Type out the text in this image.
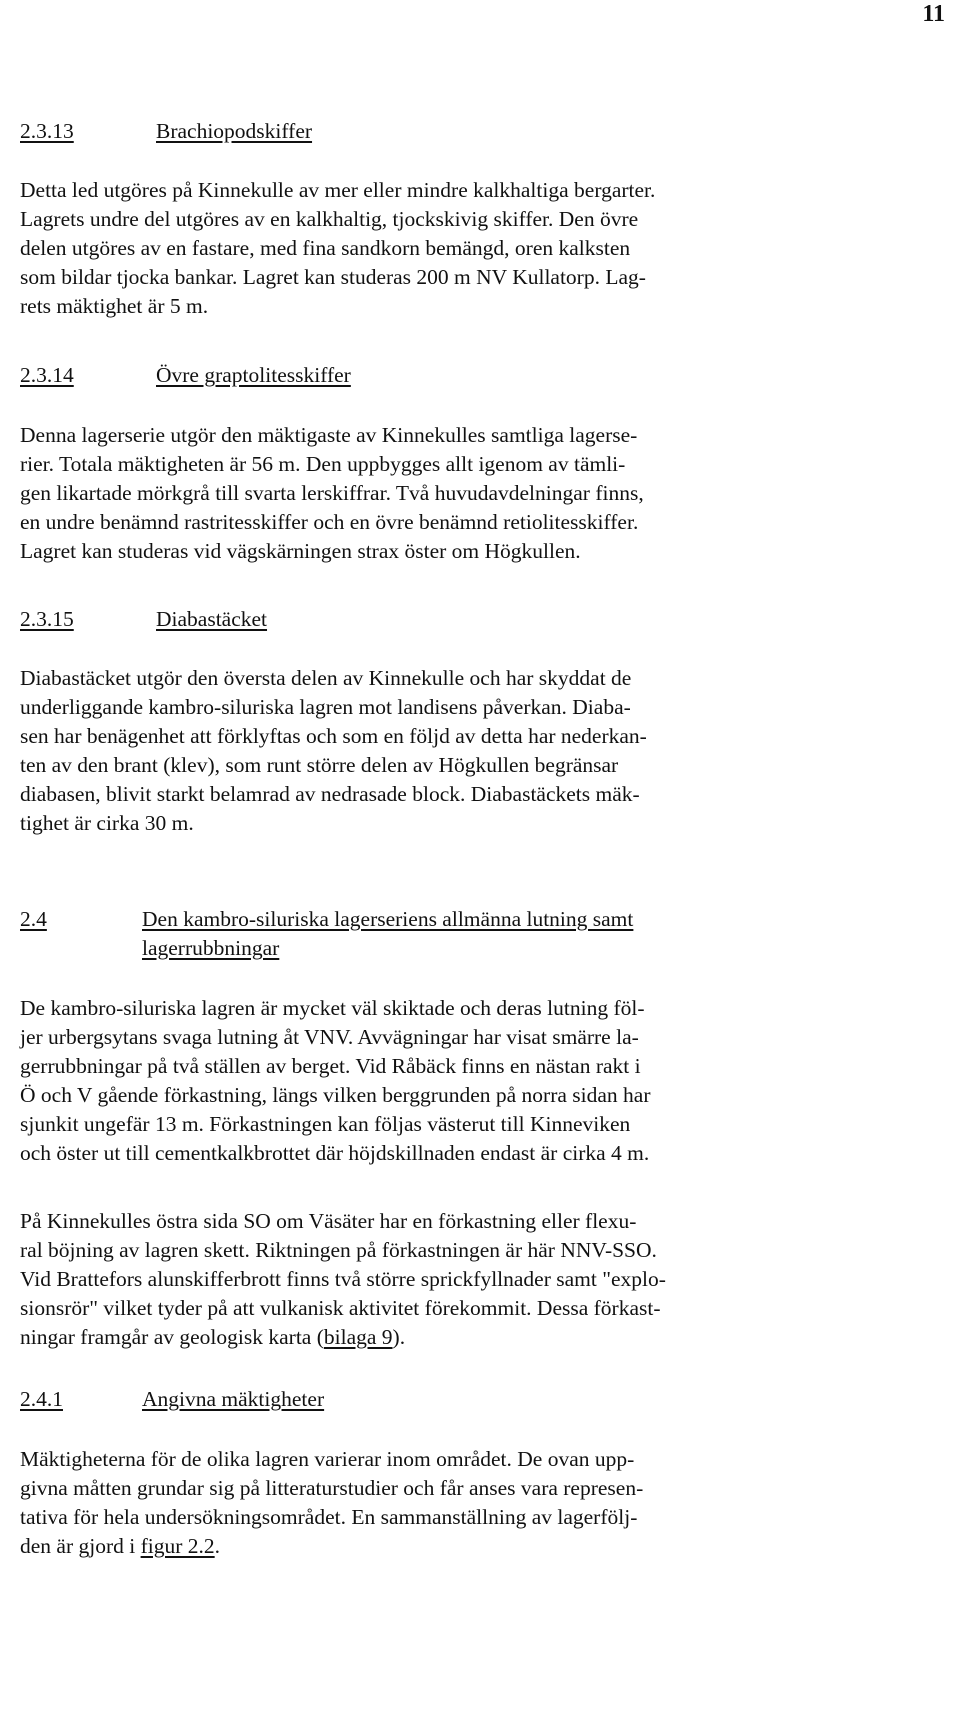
11
2.3.13	Brachiopodskiffer
Detta led utgöres på Kinnekulle av mer eller mindre kalkhaltiga bergarter.
Lagrets undre del utgöres av en kalkhaltig, tjockskivig skiffer. Den övre
delen utgöres av en fastare, med fina sandkorn bemängd, oren kalksten
som bildar tjocka bankar. Lagret kan studeras 200 m NV Kullatorp. Lag-
rets mäktighet är 5 m.
2.3.14	Övre graptolitesskiffer
Denna lagerserie utgör den mäktigaste av Kinnekulles samtliga lagerse-
rier. Totala mäktigheten är 56 m. Den uppbygges allt igenom av tämli-
gen likartade mörkgrå till svarta lerskiffrar. Två huvudavdelningar finns,
en undre benämnd rastritesskiffer och en övre benämnd retiolitesskiffer.
Lagret kan studeras vid vägskärningen strax öster om Högkullen.
2.3.15	Diabastäcket
Diabastäcket utgör den översta delen av Kinnekulle och har skyddat de
underliggande kambro-siluriska lagren mot landisens påverkan. Diaba-
sen har benägenhet att förklyftas och som en följd av detta har nederkan-
ten av den brant (klev), som runt större delen av Högkullen begränsar
diabasen, blivit starkt belamrad av nedrasade block. Diabastäckets mäk-
tighet är cirka 30 m.
2.4	Den kambro-siluriska lagerseriens allmänna lutning samt
lagerrubbningar
De kambro-siluriska lagren är mycket väl skiktade och deras lutning föl-
jer urbergsytans svaga lutning åt VNV. Avvägningar har visat smärre la-
gerrubbningar på två ställen av berget. Vid Råbäck finns en nästan rakt i
Ö och V gående förkastning, längs vilken berggrunden på norra sidan har
sjunkit ungefär 13 m. Förkastningen kan följas västerut till Kinneviken
och öster ut till cementkalkbrottet där höjdskillnaden endast är cirka 4 m.
På Kinnekulles östra sida SO om Väsäter har en förkastning eller flexu-
ral böjning av lagren skett. Riktningen på förkastningen är här NNV-SSO.
Vid Brattefors alunskifferbrott finns två större sprickfyllnader samt "explo-
sionsrör" vilket tyder på att vulkanisk aktivitet förekommit. Dessa förkast-
ningar framgår av geologisk karta (bilaga 9).
2.4.1	Angivna mäktigheter
Mäktigheterna för de olika lagren varierar inom området. De ovan upp-
givna måtten grundar sig på litteraturstudier och får anses vara represen-
tativa för hela undersökningsområdet. En sammanställning av lagerfölj-
den är gjord i figur 2.2.
